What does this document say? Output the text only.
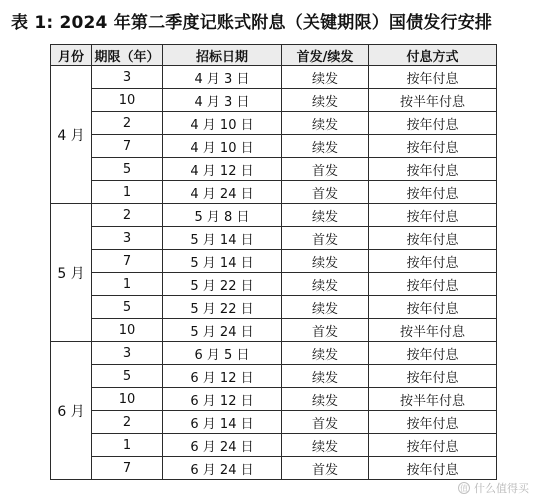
表 1: 2024 年第二季度记账式附息（关键期限）国债发行安排
月份	期限（年）	招标日期	首发/续发	付息方式
4 月	3	4 月 3 日	续发	按年付息
	10	4 月 3 日	续发	按半年付息
	2	4 月 10 日	续发	按年付息
	7	4 月 10 日	续发	按年付息
	5	4 月 12 日	首发	按年付息
	1	4 月 24 日	首发	按年付息
5 月	2	5 月 8 日	续发	按年付息
	3	5 月 14 日	首发	按年付息
	7	5 月 14 日	续发	按年付息
	1	5 月 22 日	续发	按年付息
	5	5 月 22 日	续发	按年付息
	10	5 月 24 日	首发	按半年付息
6 月	3	6 月 5 日	续发	按年付息
	5	6 月 12 日	续发	按年付息
	10	6 月 12 日	续发	按半年付息
	2	6 月 14 日	首发	按年付息
	1	6 月 24 日	续发	按年付息
	7	6 月 24 日	首发	按年付息
值 什么值得买
